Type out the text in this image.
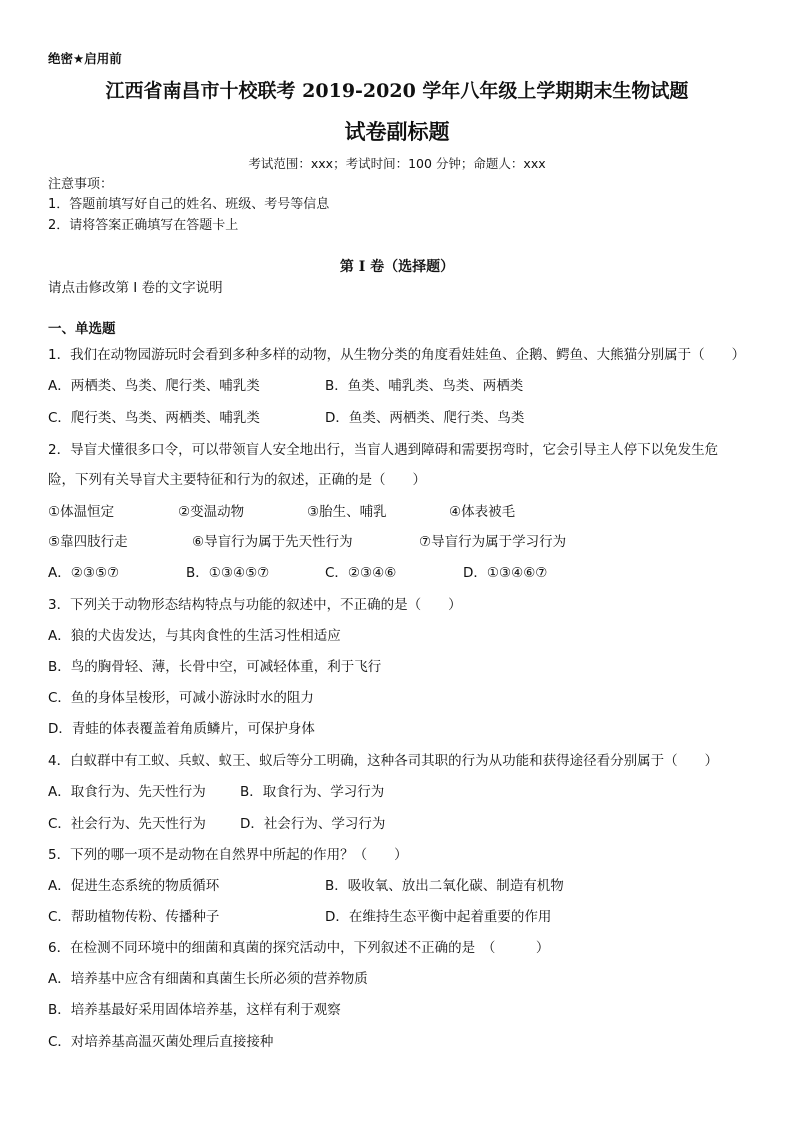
绝密★启用前
江西省南昌市十校联考 2019-2020 学年八年级上学期期末生物试题
试卷副标题
考试范围：xxx；考试时间：100 分钟；命题人：xxx
注意事项：
1．答题前填写好自己的姓名、班级、考号等信息
2．请将答案正确填写在答题卡上
第 I 卷（选择题）
请点击修改第 I 卷的文字说明
一、单选题
1．我们在动物园游玩时会看到多种多样的动物，从生物分类的角度看娃娃鱼、企鹅、鳄鱼、大熊猫分别属于（　　）
A．两栖类、鸟类、爬行类、哺乳类	B．鱼类、哺乳类、鸟类、两栖类
C．爬行类、鸟类、两栖类、哺乳类	D．鱼类、两栖类、爬行类、鸟类
2．导盲犬懂很多口令，可以带领盲人安全地出行，当盲人遇到障碍和需要拐弯时，它会引导主人停下以免发生危
险，下列有关导盲犬主要特征和行为的叙述，正确的是（　　）
①体温恒定	②变温动物	③胎生、哺乳	④体表被毛
⑤靠四肢行走	⑥导盲行为属于先天性行为	⑦导盲行为属于学习行为
A．②③⑤⑦	B．①③④⑤⑦	C．②③④⑥	D．①③④⑥⑦
3．下列关于动物形态结构特点与功能的叙述中，不正确的是（　　）
A．狼的犬齿发达，与其肉食性的生活习性相适应
B．鸟的胸骨轻、薄，长骨中空，可减轻体重，利于飞行
C．鱼的身体呈梭形，可减小游泳时水的阻力
D．青蛙的体表覆盖着角质鳞片，可保护身体
4．白蚁群中有工蚁、兵蚁、蚁王、蚁后等分工明确，这种各司其职的行为从功能和获得途径看分别属于（　　）
A．取食行为、先天性行为	B．取食行为、学习行为
C．社会行为、先天性行为	D．社会行为、学习行为
5．下列的哪一项不是动物在自然界中所起的作用？（　　）
A．促进生态系统的物质循环	B．吸收氧、放出二氧化碳、制造有机物
C．帮助植物传粉、传播种子	D．在维持生态平衡中起着重要的作用
6．在检测不同环境中的细菌和真菌的探究活动中，下列叙述不正确的是　（　　　）
A．培养基中应含有细菌和真菌生长所必须的营养物质
B．培养基最好采用固体培养基，这样有利于观察
C．对培养基高温灭菌处理后直接接种
